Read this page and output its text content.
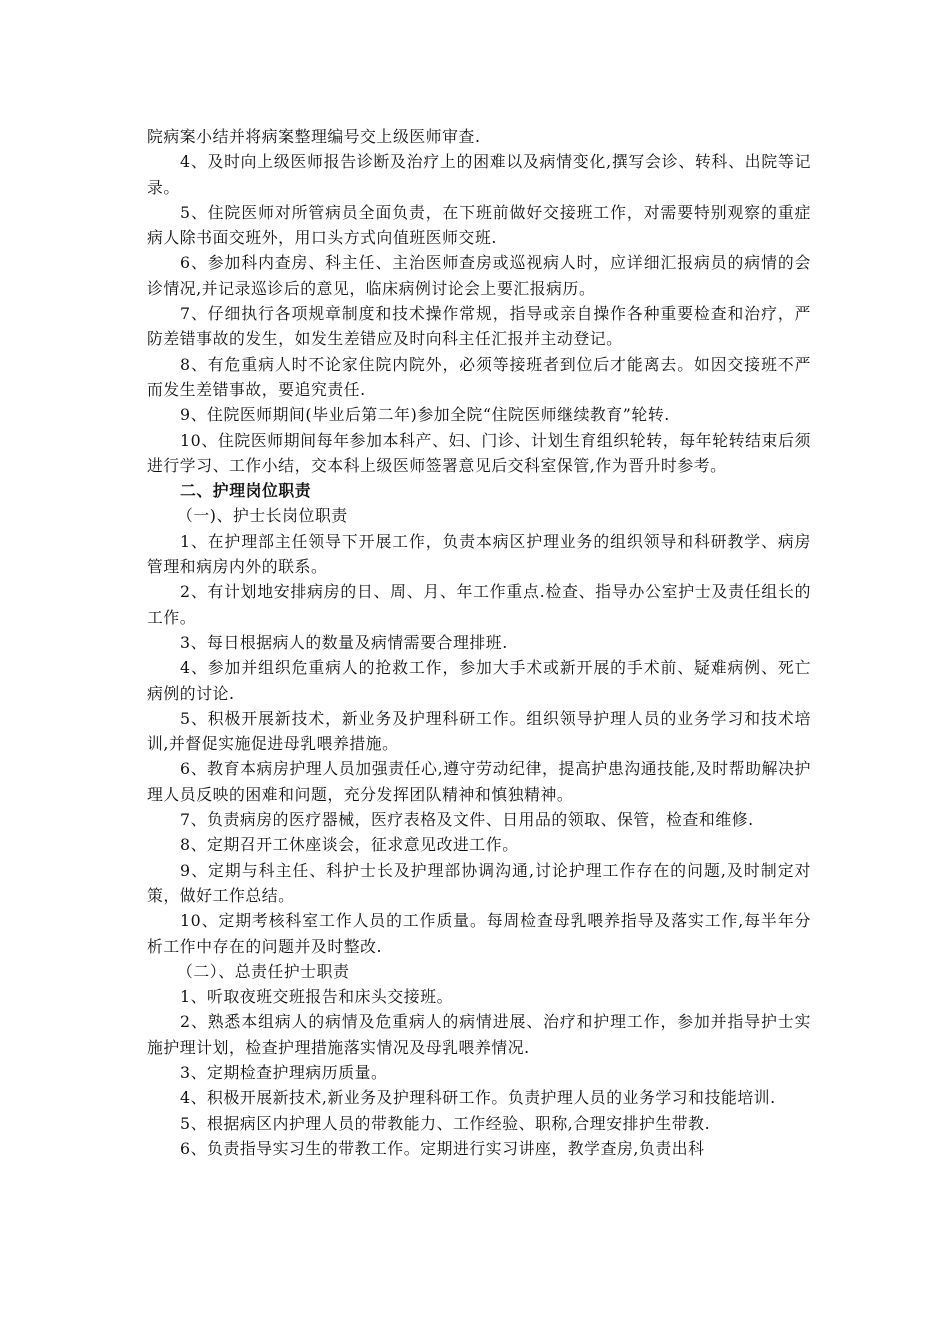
院病案小结并将病案整理编号交上级医师审查.

4、及时向上级医师报告诊断及治疗上的困难以及病情变化,撰写会诊、转科、出院等记录。

5、住院医师对所管病员全面负责，在下班前做好交接班工作，对需要特别观察的重症病人除书面交班外，用口头方式向值班医师交班.

6、参加科内查房、科主任、主治医师查房或巡视病人时，应详细汇报病员的病情的会诊情况,并记录巡诊后的意见，临床病例讨论会上要汇报病历。

7、仔细执行各项规章制度和技术操作常规，指导或亲自操作各种重要检查和治疗，严防差错事故的发生，如发生差错应及时向科主任汇报并主动登记。

8、有危重病人时不论家住院内院外，必须等接班者到位后才能离去。如因交接班不严而发生差错事故，要追究责任.

9、住院医师期间(毕业后第二年)参加全院“住院医师继续教育”轮转.

10、住院医师期间每年参加本科产、妇、门诊、计划生育组织轮转，每年轮转结束后须进行学习、工作小结，交本科上级医师签署意见后交科室保管,作为晋升时参考。

二、护理岗位职责

（一)、护士长岗位职责

1、在护理部主任领导下开展工作，负责本病区护理业务的组织领导和科研教学、病房管理和病房内外的联系。

2、有计划地安排病房的日、周、月、年工作重点.检查、指导办公室护士及责任组长的工作。

3、每日根据病人的数量及病情需要合理排班.

4、参加并组织危重病人的抢救工作，参加大手术或新开展的手术前、疑难病例、死亡病例的讨论.

5、积极开展新技术，新业务及护理科研工作。组织领导护理人员的业务学习和技术培训,并督促实施促进母乳喂养措施。

6、教育本病房护理人员加强责任心,遵守劳动纪律，提高护患沟通技能,及时帮助解决护理人员反映的困难和问题，充分发挥团队精神和慎独精神。

7、负责病房的医疗器械，医疗表格及文件、日用品的领取、保管，检查和维修.

8、定期召开工休座谈会，征求意见改进工作。

9、定期与科主任、科护士长及护理部协调沟通,讨论护理工作存在的问题,及时制定对策，做好工作总结。

10、定期考核科室工作人员的工作质量。每周检查母乳喂养指导及落实工作,每半年分析工作中存在的问题并及时整改.

（二）、总责任护士职责

1、听取夜班交班报告和床头交接班。

2、熟悉本组病人的病情及危重病人的病情进展、治疗和护理工作，参加并指导护士实施护理计划，检查护理措施落实情况及母乳喂养情况.

3、定期检查护理病历质量。

4、积极开展新技术,新业务及护理科研工作。负责护理人员的业务学习和技能培训.

5、根据病区内护理人员的带教能力、工作经验、职称,合理安排护生带教.

6、负责指导实习生的带教工作。定期进行实习讲座，教学查房,负责出科
